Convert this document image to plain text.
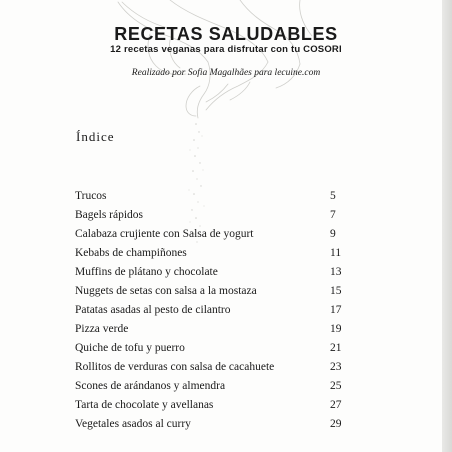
RECETAS SALUDABLES
12 recetas veganas para disfrutar con tu COSORI
Realizado por Sofia Magalhães para lecuine.com
Índice
Trucos	5
Bagels rápidos	7
Calabaza crujiente con Salsa de yogurt	9
Kebabs de champiñones	11
Muffins de plátano y chocolate	13
Nuggets de setas con salsa a la mostaza	15
Patatas asadas al pesto de cilantro	17
Pizza verde	19
Quiche de tofu y puerro	21
Rollitos de verduras con salsa de cacahuete	23
Scones de arándanos y almendra	25
Tarta de chocolate y avellanas	27
Vegetales asados al curry	29
